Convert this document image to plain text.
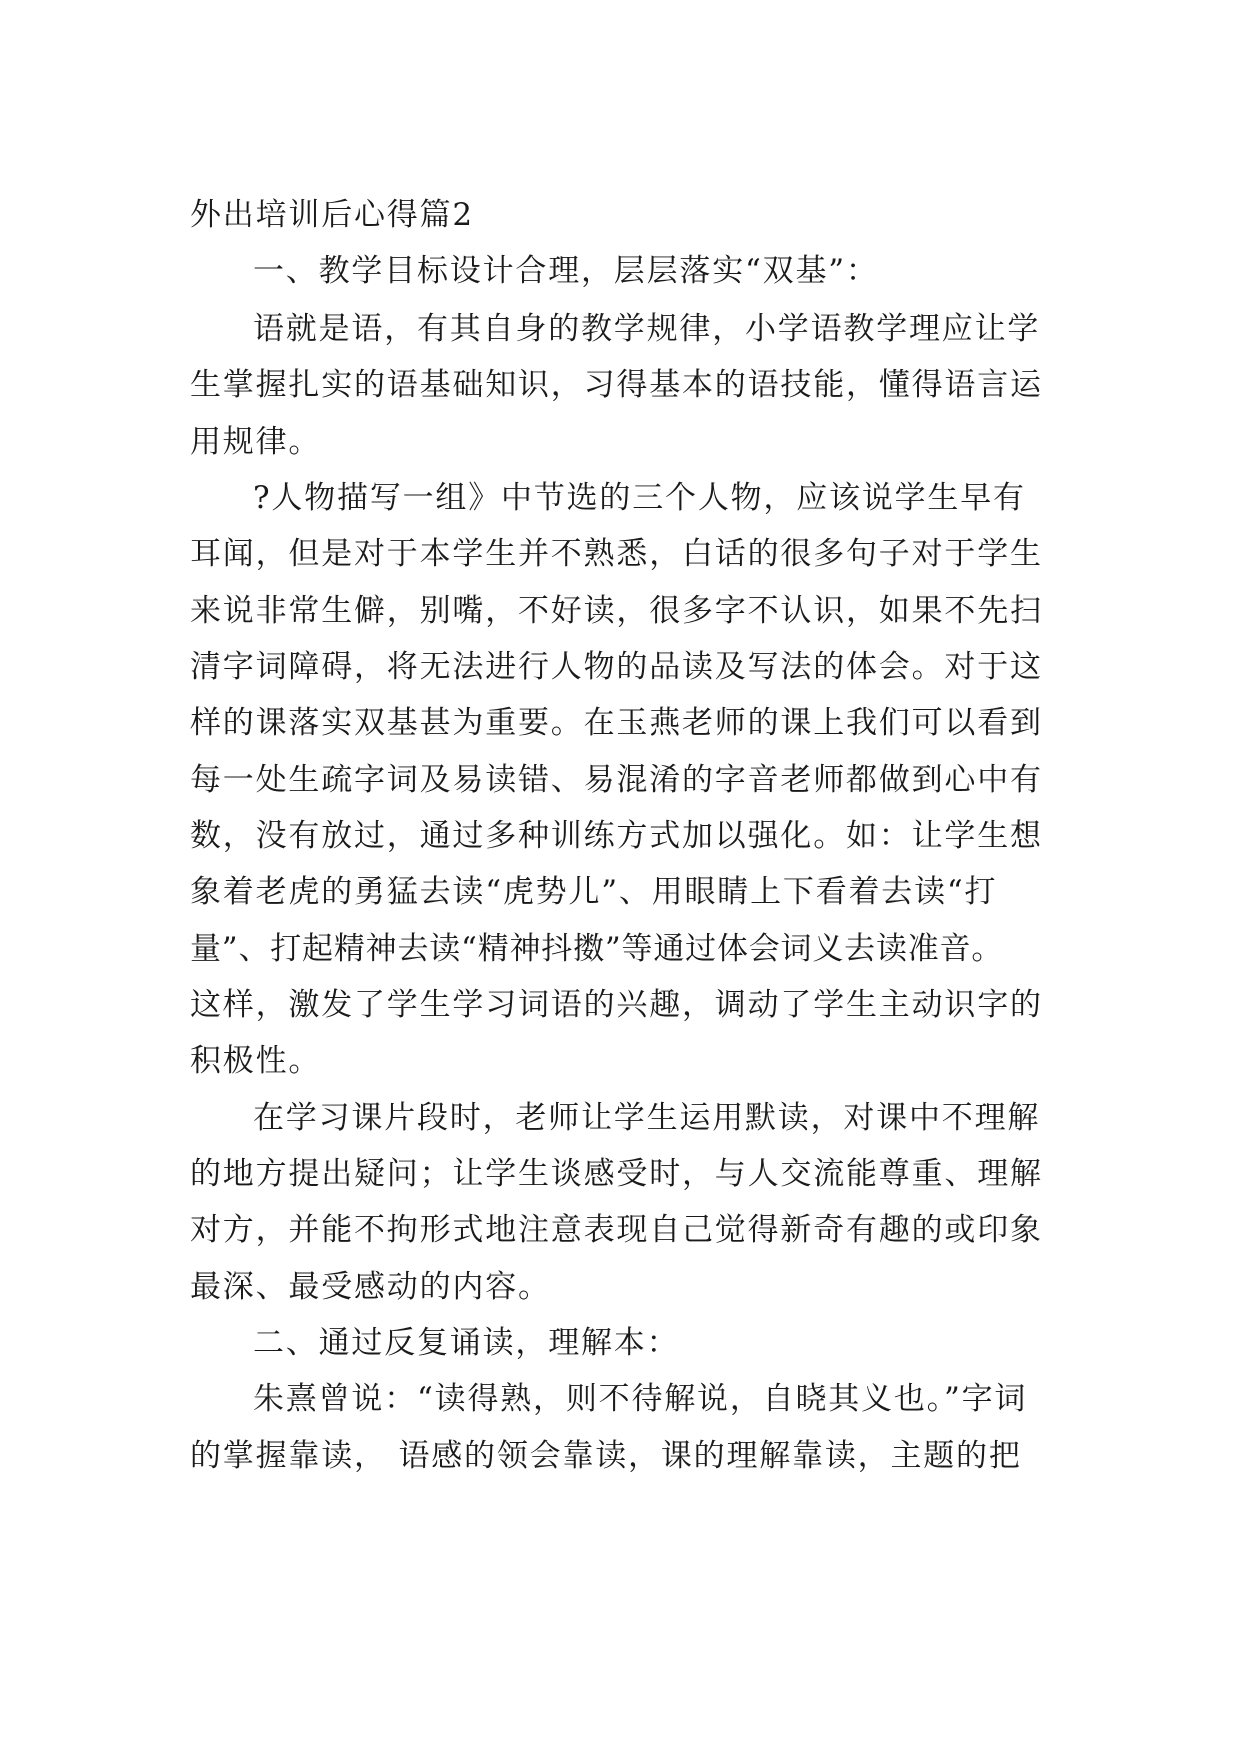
外出培训后心得篇2
一、教学目标设计合理，层层落实“双基”：
语就是语，有其自身的教学规律，小学语教学理应让学
生掌握扎实的语基础知识，习得基本的语技能，懂得语言运
用规律。
?人物描写一组》中节选的三个人物，应该说学生早有
耳闻，但是对于本学生并不熟悉，白话的很多句子对于学生
来说非常生僻，别嘴，不好读，很多字不认识，如果不先扫
清字词障碍，将无法进行人物的品读及写法的体会。对于这
样的课落实双基甚为重要。在玉燕老师的课上我们可以看到
每一处生疏字词及易读错、易混淆的字音老师都做到心中有
数，没有放过，通过多种训练方式加以强化。如：让学生想
象着老虎的勇猛去读“虎势儿”、用眼睛上下看着去读“打
量”、打起精神去读“精神抖擞”等通过体会词义去读准音。
这样，激发了学生学习词语的兴趣，调动了学生主动识字的
积极性。
在学习课片段时，老师让学生运用默读，对课中不理解
的地方提出疑问；让学生谈感受时，与人交流能尊重、理解
对方，并能不拘形式地注意表现自己觉得新奇有趣的或印象
最深、最受感动的内容。
二、通过反复诵读，理解本：
朱熹曾说：“读得熟，则不待解说，自晓其义也。”字词
的掌握靠读， 语感的领会靠读，课的理解靠读，主题的把
